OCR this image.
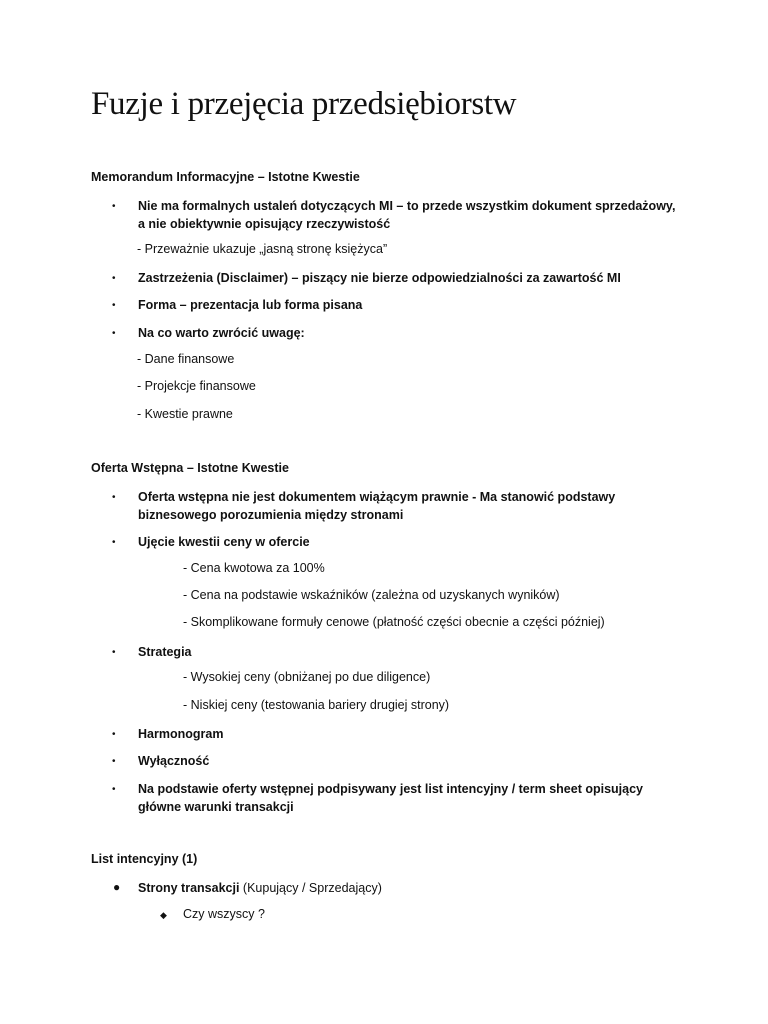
Fuzje i przejęcia przedsiębiorstw
Memorandum Informacyjne – Istotne Kwestie
• Nie ma formalnych ustaleń dotyczących MI – to przede wszystkim dokument sprzedażowy,
a nie obiektywnie opisujący rzeczywistość
- Przeważnie ukazuje „jasną stronę księżyca”
• Zastrzeżenia (Disclaimer) – piszący nie bierze odpowiedzialności za zawartość MI
• Forma – prezentacja lub forma pisana
• Na co warto zwrócić uwagę:
- Dane finansowe
- Projekcje finansowe
- Kwestie prawne
Oferta Wstępna – Istotne Kwestie
• Oferta wstępna nie jest dokumentem wiążącym prawnie - Ma stanowić podstawy
biznesowego porozumienia między stronami
• Ujęcie kwestii ceny w ofercie
- Cena kwotowa za 100%
- Cena na podstawie wskaźników (zależna od uzyskanych wyników)
- Skomplikowane formuły cenowe (płatność części obecnie a części później)
• Strategia
- Wysokiej ceny (obniżanej po due diligence)
- Niskiej ceny (testowania bariery drugiej strony)
• Harmonogram
• Wyłączność
• Na podstawie oferty wstępnej podpisywany jest list intencyjny / term sheet opisujący
główne warunki transakcji
List intencyjny (1)
● Strony transakcji (Kupujący / Sprzedający)
◆ Czy wszyscy ?
